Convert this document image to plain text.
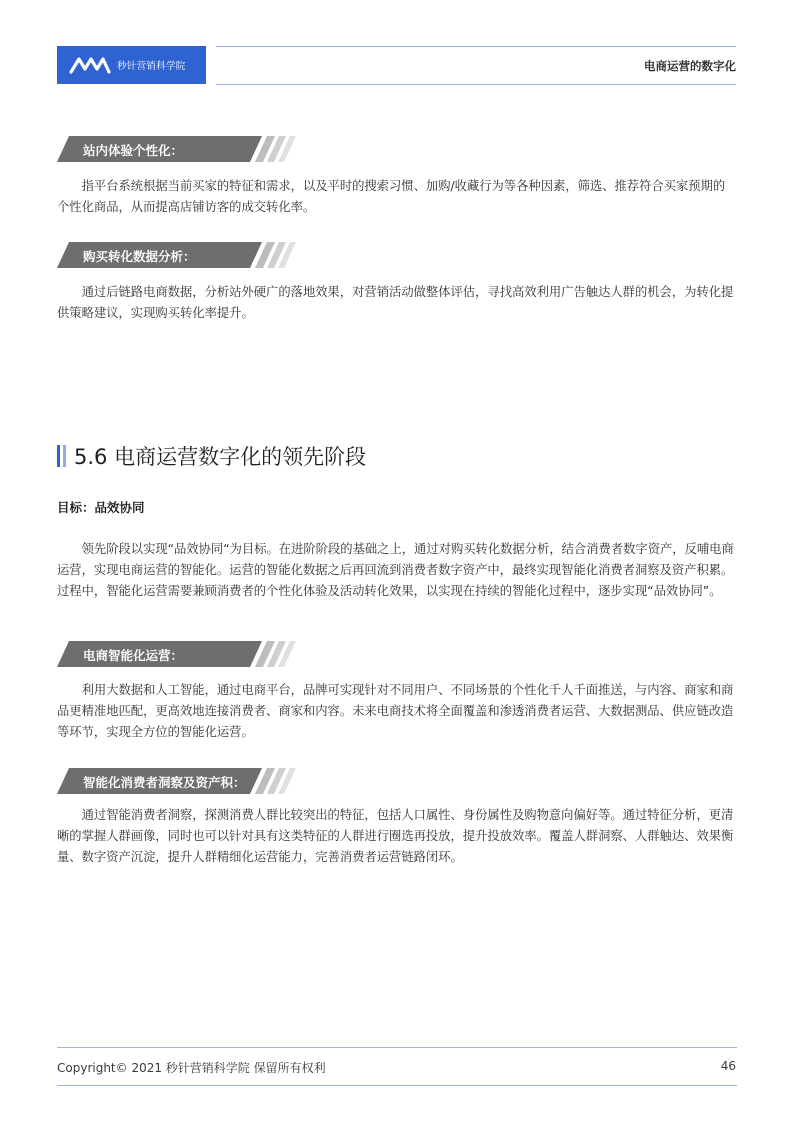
秒针营销科学院	电商运营的数字化
站内体验个性化：

指平台系统根据当前买家的特征和需求，以及平时的搜索习惯、加购/收藏行为等各种因素，筛选、推荐符合买家预期的个性化商品，从而提高店铺访客的成交转化率。

购买转化数据分析：

通过后链路电商数据，分析站外硬广的落地效果，对营销活动做整体评估，寻找高效利用广告触达人群的机会，为转化提供策略建议，实现购买转化率提升。

5.6 电商运营数字化的领先阶段
目标：品效协同

领先阶段以实现“品效协同“为目标。在进阶阶段的基础之上，通过对购买转化数据分析，结合消费者数字资产，反哺电商运营，实现电商运营的智能化。运营的智能化数据之后再回流到消费者数字资产中，最终实现智能化消费者洞察及资产积累。过程中，智能化运营需要兼顾消费者的个性化体验及活动转化效果，以实现在持续的智能化过程中，逐步实现“品效协同”。

电商智能化运营：

利用大数据和人工智能，通过电商平台，品牌可实现针对不同用户、不同场景的个性化千人千面推送，与内容、商家和商品更精准地匹配，更高效地连接消费者、商家和内容。未来电商技术将全面覆盖和渗透消费者运营、大数据测品、供应链改造等环节，实现全方位的智能化运营。

智能化消费者洞察及资产积：

通过智能消费者洞察，探测消费人群比较突出的特征，包括人口属性、身份属性及购物意向偏好等。通过特征分析，更清晰的掌握人群画像，同时也可以针对具有这类特征的人群进行圈选再投放，提升投放效率。覆盖人群洞察、人群触达、效果衡量、数字资产沉淀，提升人群精细化运营能力，完善消费者运营链路闭环。

Copyright© 2021 秒针营销科学院 保留所有权利	46
